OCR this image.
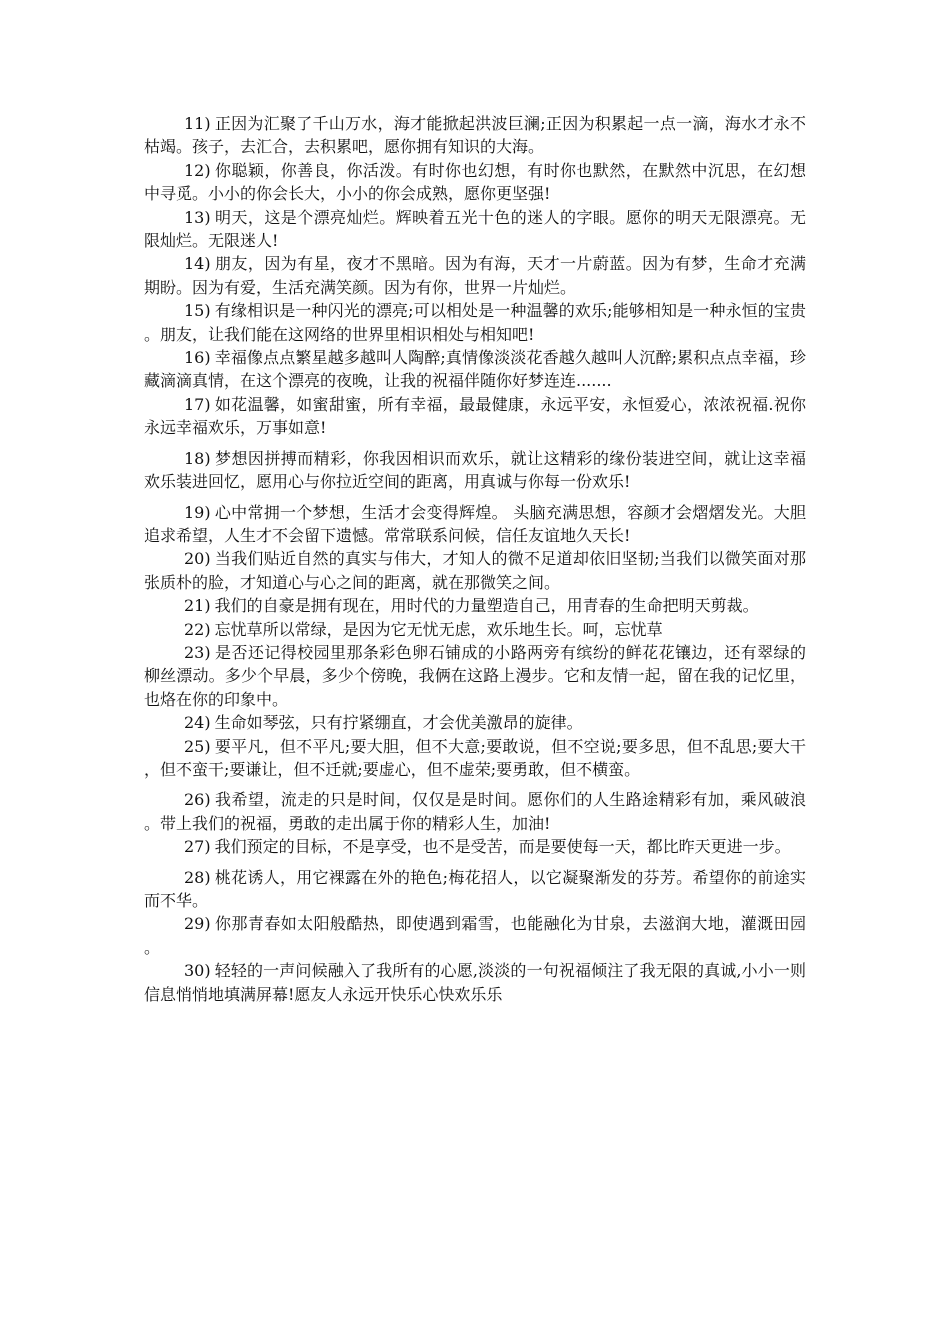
11) 正因为汇聚了千山万水，海才能掀起洪波巨澜;正因为积累起一点一滴，海水才永不枯竭。孩子，去汇合，去积累吧，愿你拥有知识的大海。

12) 你聪颖，你善良，你活泼。有时你也幻想，有时你也默然，在默然中沉思，在幻想中寻觅。小小的你会长大，小小的你会成熟，愿你更坚强!

13) 明天，这是个漂亮灿烂。辉映着五光十色的迷人的字眼。愿你的明天无限漂亮。无限灿烂。无限迷人!

14) 朋友，因为有星，夜才不黑暗。因为有海，天才一片蔚蓝。因为有梦，生命才充满期盼。因为有爱，生活充满笑颜。因为有你，世界一片灿烂。

15) 有缘相识是一种闪光的漂亮;可以相处是一种温馨的欢乐;能够相知是一种永恒的宝贵。朋友，让我们能在这网络的世界里相识相处与相知吧!

16) 幸福像点点繁星越多越叫人陶醉;真情像淡淡花香越久越叫人沉醉;累积点点幸福，珍藏滴滴真情，在这个漂亮的夜晚，让我的祝福伴随你好梦连连.......

17) 如花温馨，如蜜甜蜜，所有幸福，最最健康，永远平安，永恒爱心，浓浓祝福.祝你永远幸福欢乐，万事如意!

18) 梦想因拼搏而精彩，你我因相识而欢乐，就让这精彩的缘份装进空间，就让这幸福欢乐装进回忆，愿用心与你拉近空间的距离，用真诚与你每一份欢乐!

19) 心中常拥一个梦想，生活才会变得辉煌。 头脑充满思想，容颜才会熠熠发光。大胆追求希望，人生才不会留下遗憾。常常联系问候，信任友谊地久天长!

20) 当我们贴近自然的真实与伟大，才知人的微不足道却依旧坚韧;当我们以微笑面对那张质朴的脸，才知道心与心之间的距离，就在那微笑之间。

21) 我们的自豪是拥有现在，用时代的力量塑造自己，用青春的生命把明天剪裁。

22) 忘忧草所以常绿，是因为它无忧无虑，欢乐地生长。呵，忘忧草

23) 是否还记得校园里那条彩色卵石铺成的小路两旁有缤纷的鲜花花镶边，还有翠绿的柳丝漂动。多少个早晨，多少个傍晚，我俩在这路上漫步。它和友情一起，留在我的记忆里，也烙在你的印象中。

24) 生命如琴弦，只有拧紧绷直，才会优美激昂的旋律。

25) 要平凡，但不平凡;要大胆，但不大意;要敢说，但不空说;要多思，但不乱思;要大干，但不蛮干;要谦让，但不迁就;要虚心，但不虚荣;要勇敢，但不横蛮。

26) 我希望，流走的只是时间，仅仅是是时间。愿你们的人生路途精彩有加，乘风破浪。带上我们的祝福，勇敢的走出属于你的精彩人生，加油!

27) 我们预定的目标，不是享受，也不是受苦，而是要使每一天，都比昨天更进一步。

28) 桃花诱人，用它裸露在外的艳色;梅花招人，以它凝聚渐发的芬芳。希望你的前途实而不华。

29) 你那青春如太阳般酷热，即使遇到霜雪，也能融化为甘泉，去滋润大地，灌溉田园。

30) 轻轻的一声问候融入了我所有的心愿,淡淡的一句祝福倾注了我无限的真诚,小小一则信息悄悄地填满屏幕!愿友人永远开快乐心快欢乐乐
